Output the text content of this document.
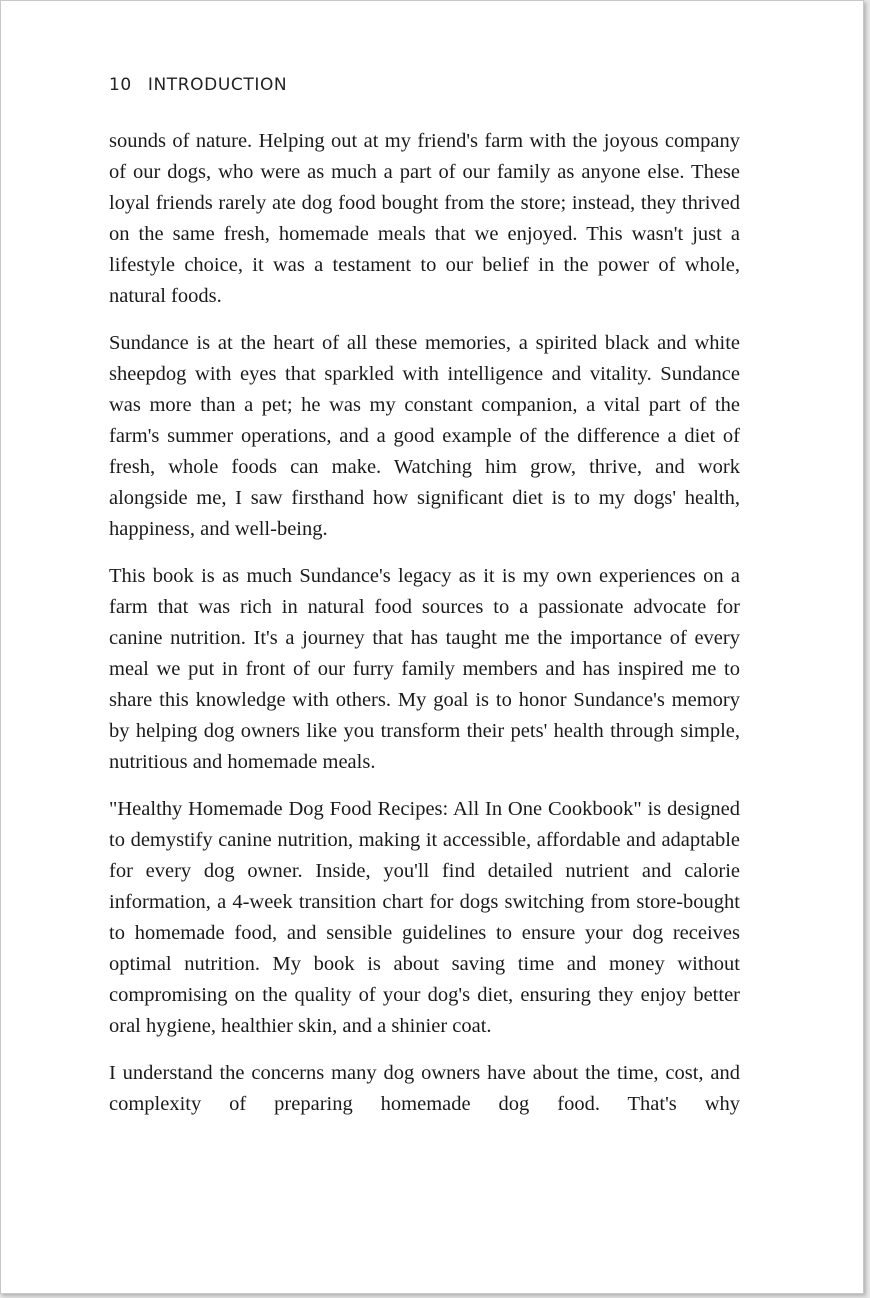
10 INTRODUCTION

sounds of nature. Helping out at my friend's farm with the joyous company of our dogs, who were as much a part of our family as anyone else. These loyal friends rarely ate dog food bought from the store; instead, they thrived on the same fresh, homemade meals that we enjoyed. This wasn't just a lifestyle choice, it was a testament to our belief in the power of whole, natural foods.

Sundance is at the heart of all these memories, a spirited black and white sheepdog with eyes that sparkled with intelligence and vitality. Sundance was more than a pet; he was my constant companion, a vital part of the farm's summer operations, and a good example of the difference a diet of fresh, whole foods can make. Watching him grow, thrive, and work alongside me, I saw firsthand how significant diet is to my dogs' health, happiness, and well-being.

This book is as much Sundance's legacy as it is my own experiences on a farm that was rich in natural food sources to a passionate advocate for canine nutrition. It's a journey that has taught me the importance of every meal we put in front of our furry family members and has inspired me to share this knowledge with others. My goal is to honor Sundance's memory by helping dog owners like you transform their pets' health through simple, nutritious and homemade meals.

"Healthy Homemade Dog Food Recipes: All In One Cookbook" is designed to demystify canine nutrition, making it accessible, affordable and adaptable for every dog owner. Inside, you'll find detailed nutrient and calorie information, a 4-week transition chart for dogs switching from store-bought to homemade food, and sensible guidelines to ensure your dog receives optimal nutrition. My book is about saving time and money without compromising on the quality of your dog's diet, ensuring they enjoy better oral hygiene, healthier skin, and a shinier coat.

I understand the concerns many dog owners have about the time, cost, and complexity of preparing homemade dog food. That's why
